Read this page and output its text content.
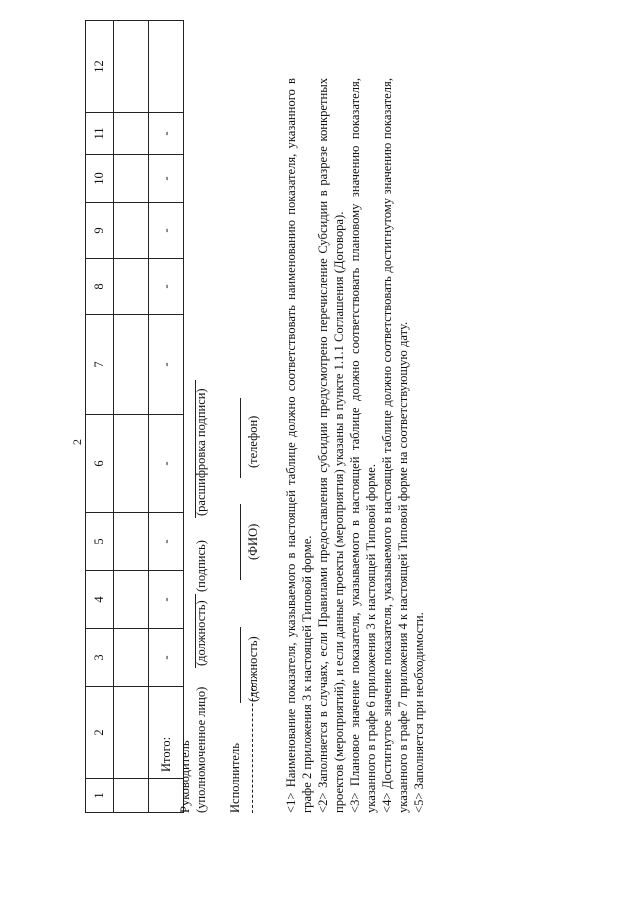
2
1	2	3	4	5	6	7	8	9	10	11	12

	Итого:	-	-	-	-	-	-	-	-	-	
Руководитель (уполномоченное лицо)
(должность)
(подпись)
(расшифровка подписи)
Исполнитель
(должность)
(ФИО)
(телефон) <1> Наименование показателя, указываемого в настоящей таблице должно соответствовать наименованию показателя, указанного в графе 2 приложения 3 к настоящей Типовой форме. <2> Заполняется в случаях, если Правилами предоставления субсидии предусмотрено перечисление Субсидии в разрезе конкретных проектов (мероприятий), и если данные проекты (мероприятия) указаны в пункте 1.1.1 Соглашения (Договора). <3> Плановое значение показателя, указываемого в настоящей таблице должно соответствовать плановому значению показателя, указанного в графе 6 приложения 3 к настоящей Типовой форме. <4> Достигнутое значение показателя, указываемого в настоящей таблице должно соответствовать достигнутому значению показателя, указанного в графе 7 приложения 4 к настоящей Типовой форме на соответствующую дату. <5> Заполняется при необходимости.
